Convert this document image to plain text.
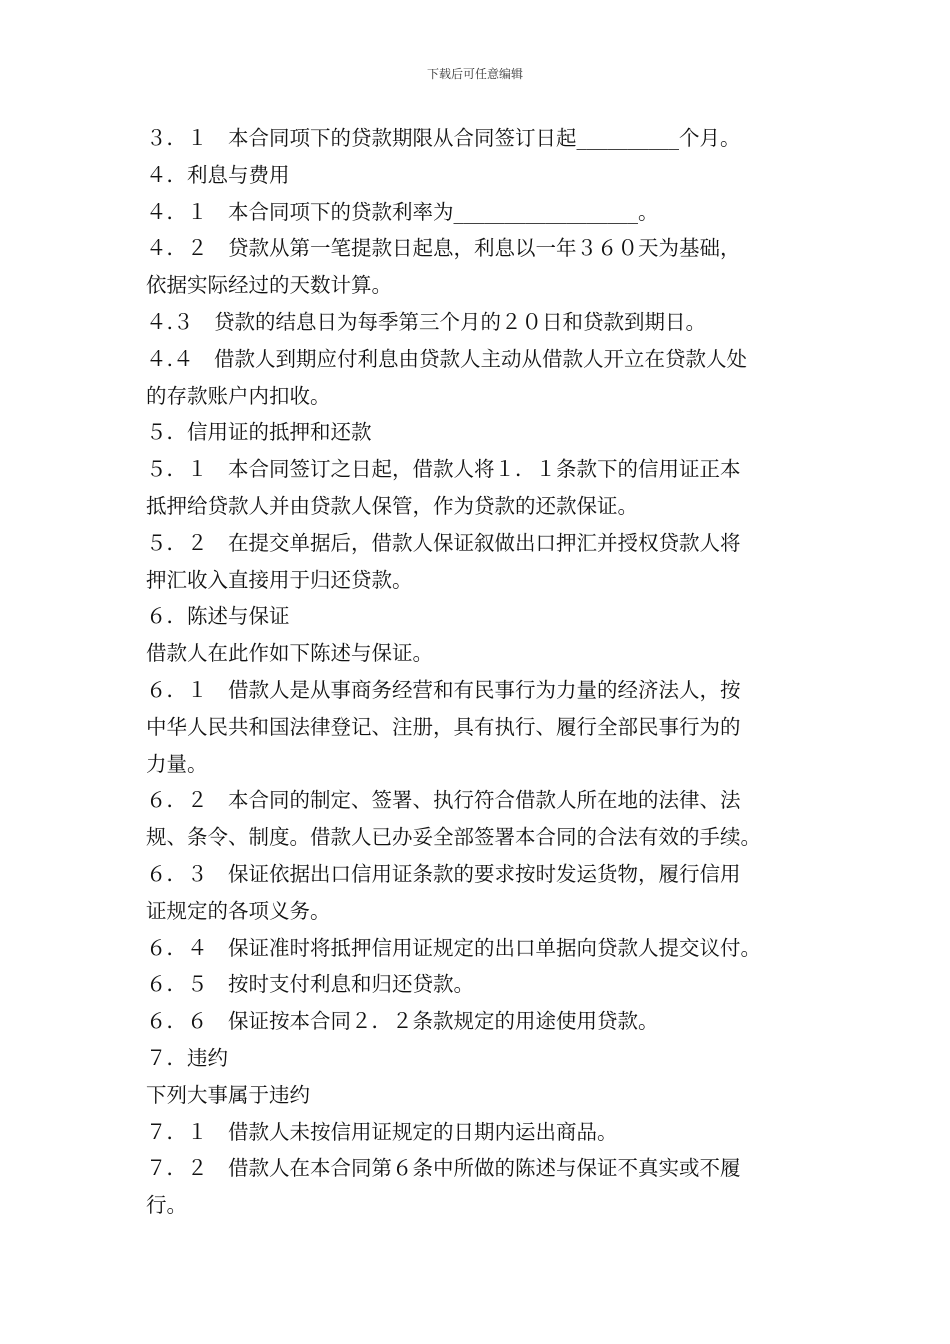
下载后可任意编辑
３．１　本合同项下的贷款期限从合同签订日起__________个月。
４．利息与费用
４．１　本合同项下的贷款利率为__________________。
４．２　贷款从第一笔提款日起息，利息以一年３６０天为基础，
依据实际经过的天数计算。
４.３　贷款的结息日为每季第三个月的２０日和贷款到期日。
４.４　借款人到期应付利息由贷款人主动从借款人开立在贷款人处
的存款账户内扣收。
５．信用证的抵押和还款
５．１　本合同签订之日起，借款人将１．１条款下的信用证正本
抵押给贷款人并由贷款人保管，作为贷款的还款保证。
５．２　在提交单据后，借款人保证叙做出口押汇并授权贷款人将
押汇收入直接用于归还贷款。
６．陈述与保证
借款人在此作如下陈述与保证。
６．１　借款人是从事商务经营和有民事行为力量的经济法人，按
中华人民共和国法律登记、注册，具有执行、履行全部民事行为的
力量。
６．２　本合同的制定、签署、执行符合借款人所在地的法律、法
规、条令、制度。借款人已办妥全部签署本合同的合法有效的手续。
６．３　保证依据出口信用证条款的要求按时发运货物，履行信用
证规定的各项义务。
６．４　保证准时将抵押信用证规定的出口单据向贷款人提交议付。
６．５　按时支付利息和归还贷款。
６．６　保证按本合同２．２条款规定的用途使用贷款。
７．违约
下列大事属于违约
７．１　借款人未按信用证规定的日期内运出商品。
７．２　借款人在本合同第６条中所做的陈述与保证不真实或不履
行。
